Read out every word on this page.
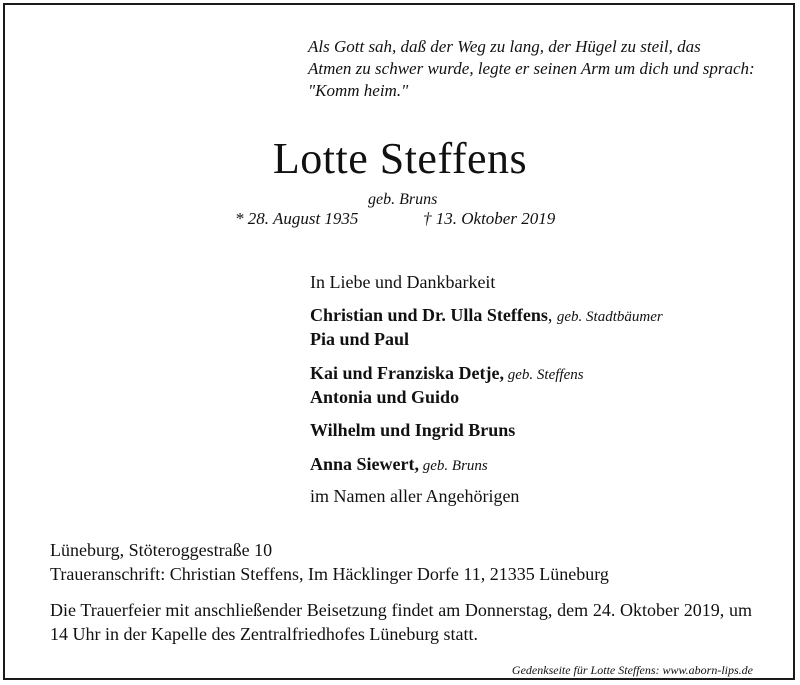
Als Gott sah, daß der Weg zu lang, der Hügel zu steil, das
Atmen zu schwer wurde, legte er seinen Arm um dich und sprach:
"Komm heim."
Lotte Steffens
geb. Bruns
* 28. August 1935	† 13. Oktober 2019
In Liebe und Dankbarkeit
Christian und Dr. Ulla Steffens, geb. Stadtbäumer
Pia und Paul
Kai und Franziska Detje, geb. Steffens
Antonia und Guido
Wilhelm und Ingrid Bruns
Anna Siewert, geb. Bruns
im Namen aller Angehörigen
Lüneburg, Stöteroggestraße 10
Traueranschrift: Christian Steffens, Im Häcklinger Dorfe 11, 21335 Lüneburg
Die Trauerfeier mit anschließender Beisetzung findet am Donnerstag, dem 24. Oktober 2019, um 14 Uhr in der Kapelle des Zentralfriedhofes Lüneburg statt.
Gedenkseite für Lotte Steffens: www.aborn-lips.de
